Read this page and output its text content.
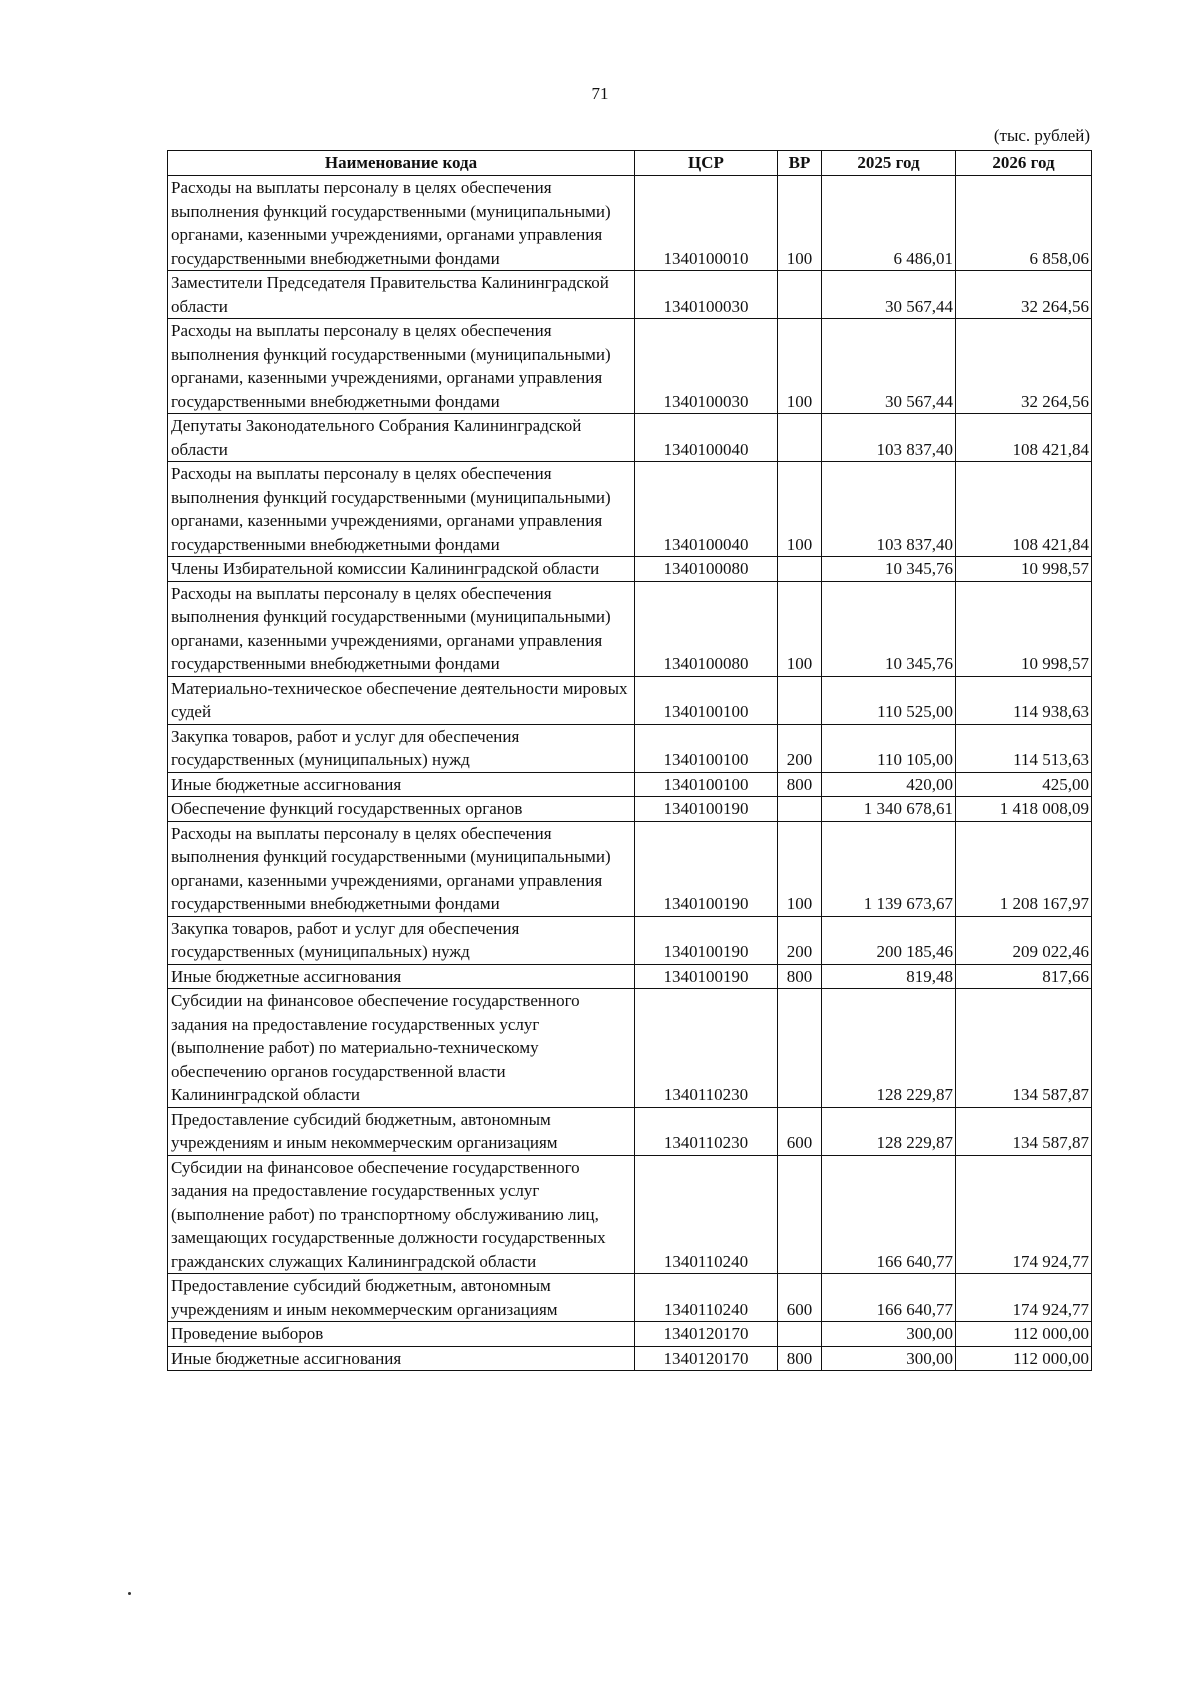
71
(тыс. рублей)
Наименование кода	ЦСР	ВР	2025 год	2026 год
Расходы на выплаты персоналу в целях обеспечения выполнения функций государственными (муниципальными) органами, казенными учреждениями, органами управления государственными внебюджетными фондами	1340100010	100	6 486,01	6 858,06
Заместители Председателя Правительства Калининградской области	1340100030		30 567,44	32 264,56
Расходы на выплаты персоналу в целях обеспечения выполнения функций государственными (муниципальными) органами, казенными учреждениями, органами управления государственными внебюджетными фондами	1340100030	100	30 567,44	32 264,56
Депутаты Законодательного Собрания Калининградской области	1340100040		103 837,40	108 421,84
Расходы на выплаты персоналу в целях обеспечения выполнения функций государственными (муниципальными) органами, казенными учреждениями, органами управления государственными внебюджетными фондами	1340100040	100	103 837,40	108 421,84
Члены Избирательной комиссии Калининградской области	1340100080		10 345,76	10 998,57
Расходы на выплаты персоналу в целях обеспечения выполнения функций государственными (муниципальными) органами, казенными учреждениями, органами управления государственными внебюджетными фондами	1340100080	100	10 345,76	10 998,57
Материально-техническое обеспечение деятельности мировых судей	1340100100		110 525,00	114 938,63
Закупка товаров, работ и услуг для обеспечения государственных (муниципальных) нужд	1340100100	200	110 105,00	114 513,63
Иные бюджетные ассигнования	1340100100	800	420,00	425,00
Обеспечение функций государственных органов	1340100190		1 340 678,61	1 418 008,09
Расходы на выплаты персоналу в целях обеспечения выполнения функций государственными (муниципальными) органами, казенными учреждениями, органами управления государственными внебюджетными фондами	1340100190	100	1 139 673,67	1 208 167,97
Закупка товаров, работ и услуг для обеспечения государственных (муниципальных) нужд	1340100190	200	200 185,46	209 022,46
Иные бюджетные ассигнования	1340100190	800	819,48	817,66
Субсидии на финансовое обеспечение государственного задания на предоставление государственных услуг (выполнение работ) по материально-техническому обеспечению органов государственной власти Калининградской области	1340110230		128 229,87	134 587,87
Предоставление субсидий бюджетным, автономным учреждениям и иным некоммерческим организациям	1340110230	600	128 229,87	134 587,87
Субсидии на финансовое обеспечение государственного задания на предоставление государственных услуг (выполнение работ) по транспортному обслуживанию лиц, замещающих государственные должности государственных гражданских служащих Калининградской области	1340110240		166 640,77	174 924,77
Предоставление субсидий бюджетным, автономным учреждениям и иным некоммерческим организациям	1340110240	600	166 640,77	174 924,77
Проведение выборов	1340120170		300,00	112 000,00
Иные бюджетные ассигнования	1340120170	800	300,00	112 000,00
